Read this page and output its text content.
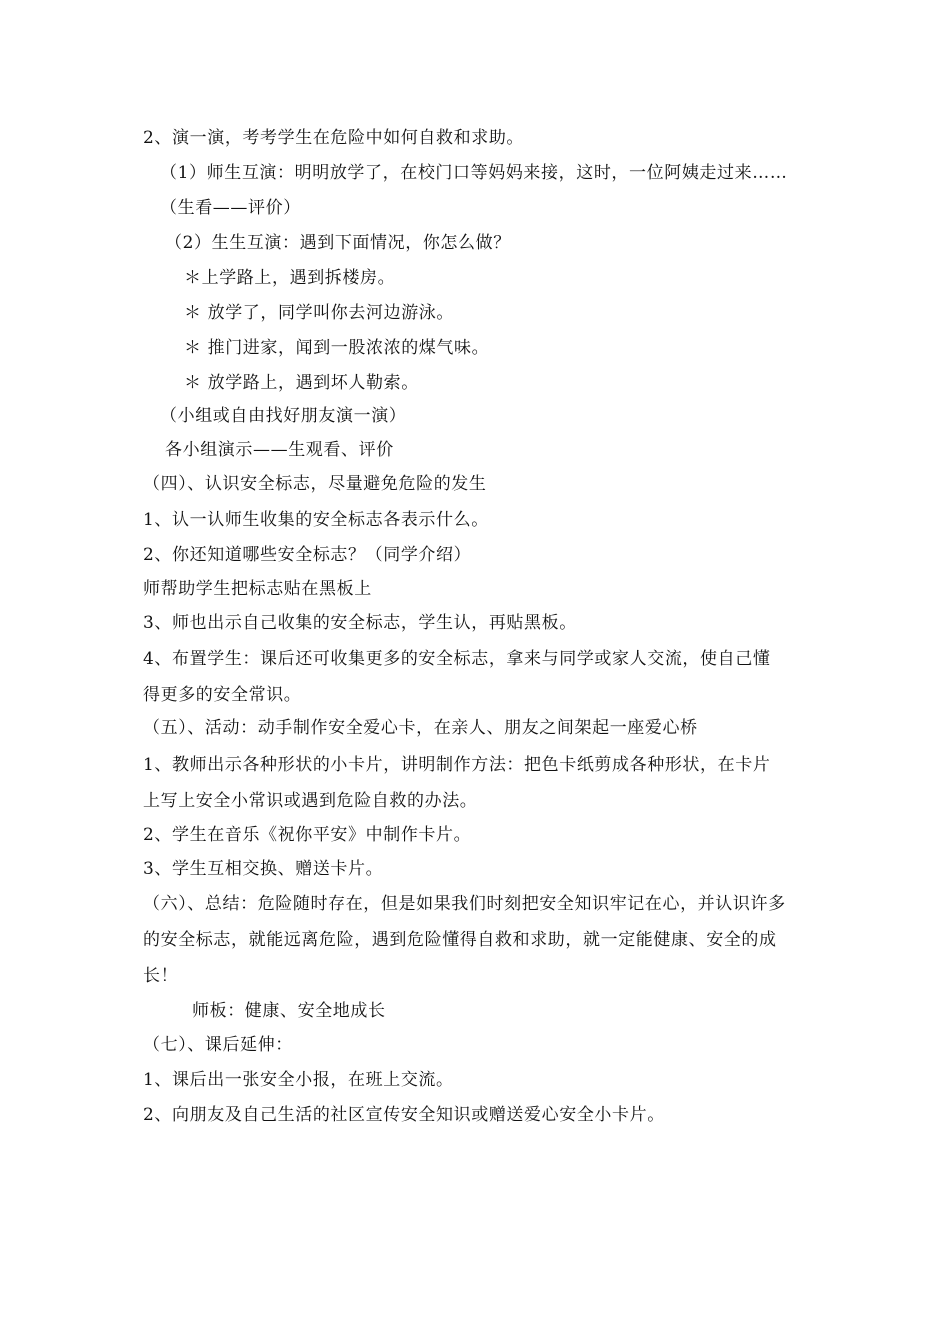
2、演一演，考考学生在危险中如何自救和求助。
（1）师生互演：明明放学了，在校门口等妈妈来接，这时，一位阿姨走过来……
（生看——评价）
（2）生生互演：遇到下面情况，你怎么做？
＊上学路上，遇到拆楼房。
＊ 放学了，同学叫你去河边游泳。
＊ 推门进家，闻到一股浓浓的煤气味。
＊ 放学路上，遇到坏人勒索。
（小组或自由找好朋友演一演）
各小组演示——生观看、评价
（四）、认识安全标志，尽量避免危险的发生
1、认一认师生收集的安全标志各表示什么。
2、你还知道哪些安全标志？（同学介绍）
师帮助学生把标志贴在黑板上
3、师也出示自己收集的安全标志，学生认，再贴黑板。
4、布置学生：课后还可收集更多的安全标志，拿来与同学或家人交流，使自己懂
得更多的安全常识。
（五）、活动：动手制作安全爱心卡，在亲人、朋友之间架起一座爱心桥
1、教师出示各种形状的小卡片，讲明制作方法：把色卡纸剪成各种形状，在卡片
上写上安全小常识或遇到危险自救的办法。
2、学生在音乐《祝你平安》中制作卡片。
3、学生互相交换、赠送卡片。
（六）、总结：危险随时存在，但是如果我们时刻把安全知识牢记在心，并认识许多
的安全标志，就能远离危险，遇到危险懂得自救和求助，就一定能健康、安全的成
长！
师板：健康、安全地成长
（七）、课后延伸：
1、课后出一张安全小报，在班上交流。
2、向朋友及自己生活的社区宣传安全知识或赠送爱心安全小卡片。
